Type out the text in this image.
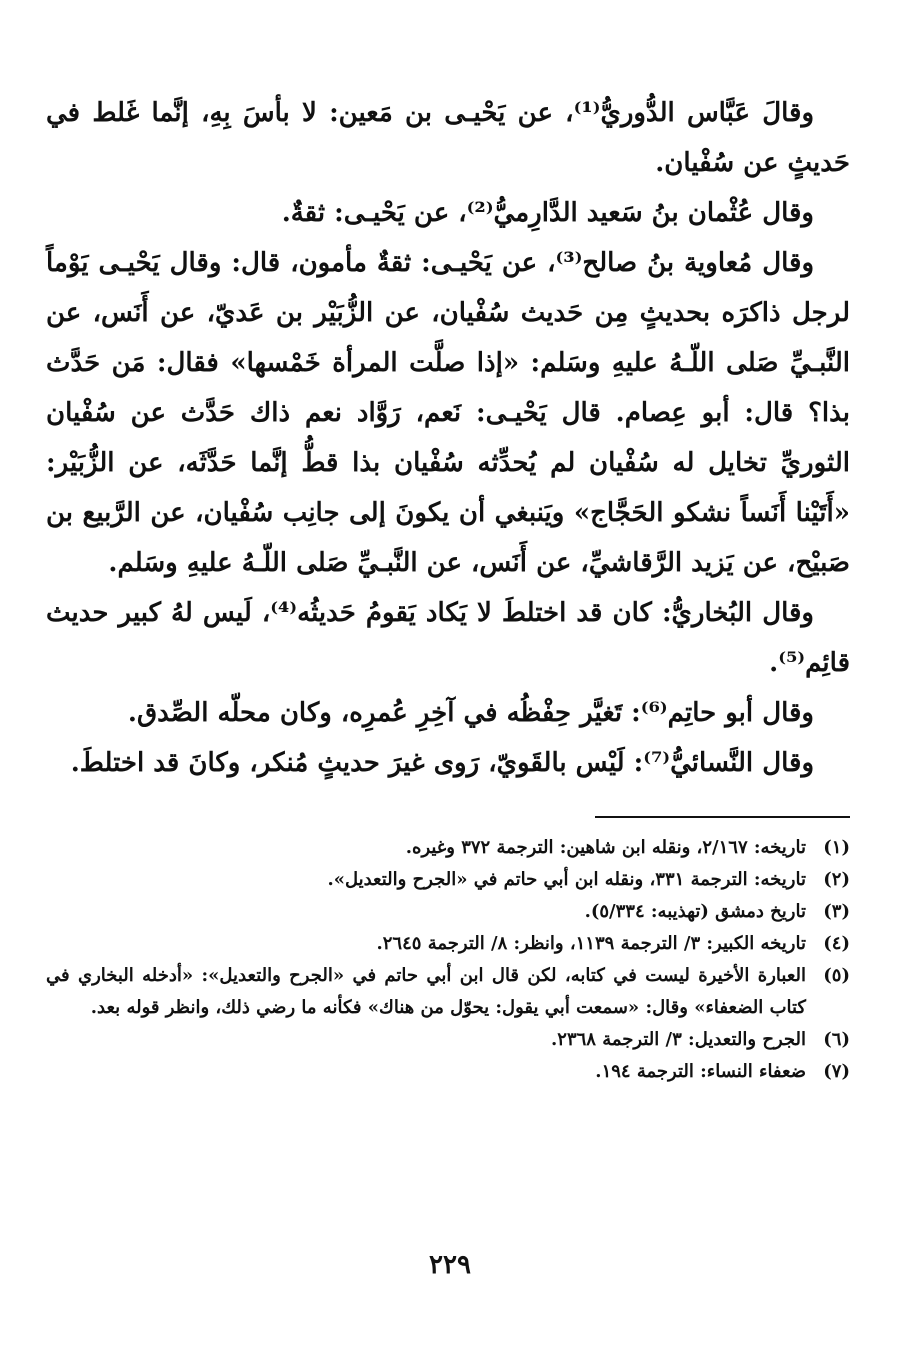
وقالَ عَبَّاس الدُّوريُّ⁽¹⁾، عن يَحْيـى بن مَعين: لا بأسَ بِهِ، إنَّما غَلط في حَديثٍ عن سُفْيان.

وقال عُثْمان بنُ سَعيد الدَّارِميُّ⁽²⁾، عن يَحْيـى: ثقةٌ.

وقال مُعاوية بنُ صالح⁽³⁾، عن يَحْيـى: ثقةٌ مأمون، قال: وقال يَحْيـى يَوْماً لرجل ذاكرَه بحديثٍ مِن حَديث سُفْيان، عن الزُّبَيْر بن عَديّ، عن أَنَس، عن النَّبـيِّ صَلى اللّـهُ عليهِ وسَلم: «إذا صلَّت المرأة خَمْسها» فقال: مَن حَدَّث بذا؟ قال: أبو عِصام. قال يَحْيـى: نَعم، رَوَّاد نعم ذاك حَدَّث عن سُفْيان الثوريِّ تخايل له سُفْيان لم يُحدِّثه سُفْيان بذا قطُّ إنَّما حَدَّثَه، عن الزُّبَيْر: «أَتَيْنا أَنَساً نشكو الحَجَّاج» ويَنبغي أن يكونَ إلى جانِب سُفْيان، عن الرَّبيع بن صَبيْح، عن يَزيد الرَّقاشيِّ، عن أَنَس، عن النَّبـيِّ صَلى اللّـهُ عليهِ وسَلم.

وقال البُخاريُّ: كان قد اختلطَ لا يَكاد يَقومُ حَديثُه⁽⁴⁾، لَيس لهُ كبير حديث قائِم⁽⁵⁾.

وقال أبو حاتِم⁽⁶⁾: تَغيَّر حِفْظُه في آخِرِ عُمرِه، وكان محلّه الصِّدق.

وقال النَّسائيُّ⁽⁷⁾: لَيْس بالقَويّ، رَوى غيرَ حديثٍ مُنكر، وكانَ قد اختلطَ.

(١)
تاريخه: ٢/١٦٧، ونقله ابن شاهين: الترجمة ٣٧٢ وغيره.
(٢)
تاريخه: الترجمة ٣٣١، ونقله ابن أبي حاتم في «الجرح والتعديل».
(٣)
تاريخ دمشق (تهذيبه: ٥/٣٣٤).
(٤)
تاريخه الكبير: ٣/ الترجمة ١١٣٩، وانظر: ٨/ الترجمة ٢٦٤٥.
(٥)
العبارة الأخيرة ليست في كتابه، لكن قال ابن أبي حاتم في «الجرح والتعديل»: «أدخله البخاري في كتاب الضعفاء» وقال: «سمعت أبي يقول: يحوّل من هناك» فكأنه ما رضي ذلك، وانظر قوله بعد.
(٦)
الجرح والتعديل: ٣/ الترجمة ٢٣٦٨.
(٧)
ضعفاء النساء: الترجمة ١٩٤.
٢٢٩
